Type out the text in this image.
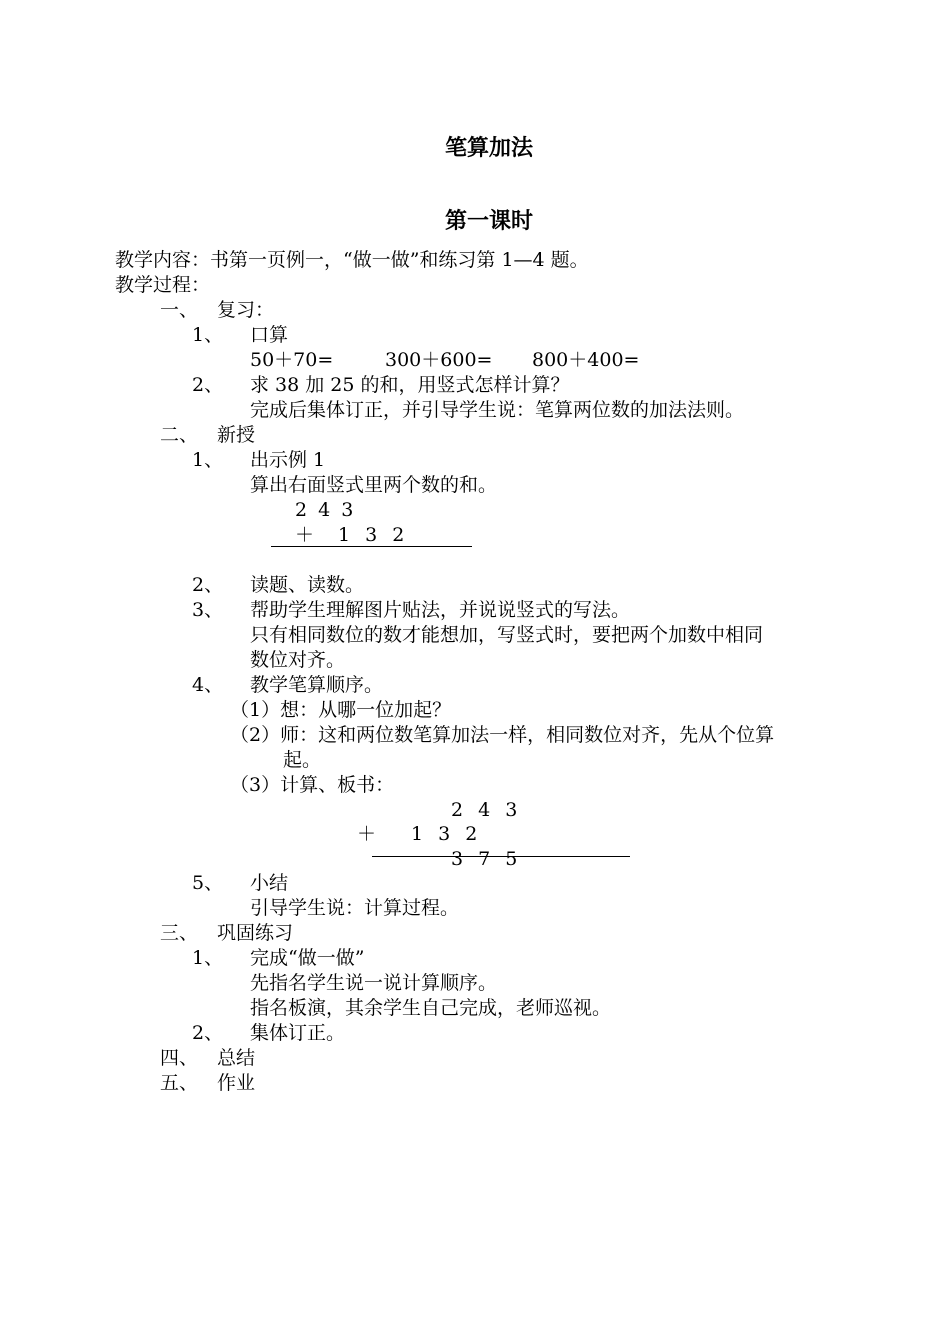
笔算加法
第一课时
教学内容：书第一页例一，“做一做”和练习第 1—4 题。
教学过程：
一、 复习：
1、 口算
50＋70=	300＋600= 800＋400=
2、 求 38 加 25 的和，用竖式怎样计算？
完成后集体订正，并引导学生说：笔算两位数的加法法则。
二、 新授
1、 出示例 1
算出右面竖式里两个数的和。
2 4 3
＋ 1 3 2
2、 读题、读数。
3、 帮助学生理解图片贴法，并说说竖式的写法。
只有相同数位的数才能想加，写竖式时，要把两个加数中相同
数位对齐。
4、 教学笔算顺序。
（1）想：从哪一位加起？
（2）师：这和两位数笔算加法一样，相同数位对齐，先从个位算
起。
（3）计算、板书：
2 4 3
＋ 1 3 2
3 7 5
5、 小结
引导学生说：计算过程。
三、 巩固练习
1、 完成“做一做”
先指名学生说一说计算顺序。
指名板演，其余学生自己完成，老师巡视。
2、 集体订正。
四、 总结
五、 作业
